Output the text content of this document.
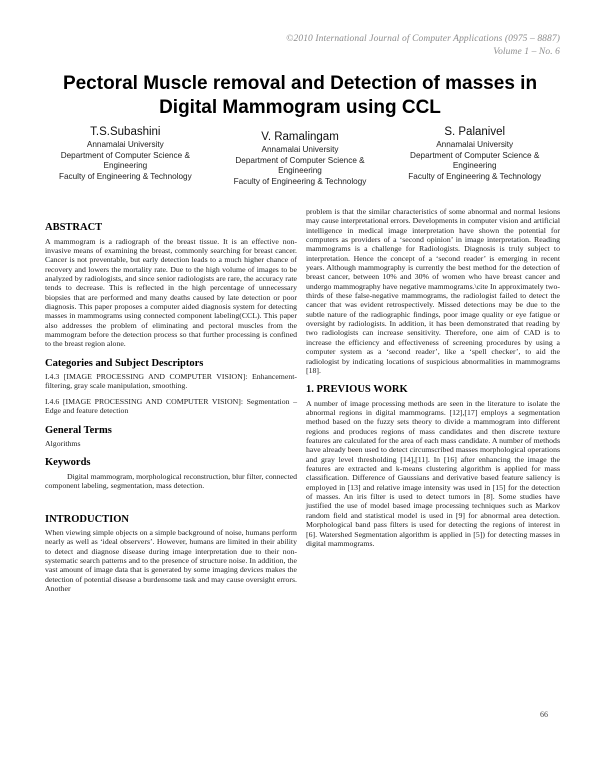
©2010 International Journal of Computer Applications (0975 – 8887)
Volume 1 – No. 6
Pectoral Muscle removal and Detection of masses in Digital Mammogram using CCL
T.S.Subashini
Annamalai University
Department of Computer Science & Engineering
Faculty of Engineering & Technology
V. Ramalingam
Annamalai University
Department of Computer Science & Engineering
Faculty of Engineering & Technology
S. Palanivel
Annamalai University
Department of Computer Science & Engineering
Faculty of Engineering & Technology
ABSTRACT

A mammogram is a radiograph of the breast tissue. It is an effective non-invasive means of examining the breast, commonly searching for breast cancer. Cancer is not preventable, but early detection leads to a much higher chance of recovery and lowers the mortality rate. Due to the high volume of images to be analyzed by radiologists, and since senior radiologists are rare, the accuracy rate tends to decrease. This is reflected in the high percentage of unnecessary biopsies that are performed and many deaths caused by late detection or poor diagnosis. This paper proposes a computer aided diagnosis system for detecting masses in mammograms using connected component labeling(CCL). This paper also addresses the problem of eliminating and pectoral muscles from the mammogram before the detection process so that further processing is confined to the breast region alone.

Categories and Subject Descriptors

I.4.3 [IMAGE PROCESSING AND COMPUTER VISION]: Enhancement- filtering, gray scale manipulation, smoothing.

I.4.6 [IMAGE PROCESSING AND COMPUTER VISION]: Segmentation – Edge and feature detection

General Terms

Algorithms

Keywords

Digital mammogram, morphological reconstruction, blur filter, connected component labeling, segmentation, mass detection.

INTRODUCTION

When viewing simple objects on a simple background of noise, humans perform nearly as well as ‘ideal observers’. However, humans are limited in their ability to detect and diagnose disease during image interpretation due to their non-systematic search patterns and to the presence of structure noise. In addition, the vast amount of image data that is generated by some imaging devices makes the detection of potential disease a burdensome task and may cause oversight errors. Another

problem is that the similar characteristics of some abnormal and normal lesions may cause interpretational errors. Developments in computer vision and artificial intelligence in medical image interpretation have shown the potential for computers as providers of a ‘second opinion’ in image interpretation. Reading mammograms is a challenge for Radiologists. Diagnosis is truly subject to interpretation. Hence the concept of a ‘second reader’ is emerging in recent years. Although mammography is currently the best method for the detection of breast cancer, between 10% and 30% of women who have breast cancer and undergo mammography have negative mammograms.\cite In approximately two-thirds of these false-negative mammograms, the radiologist failed to detect the cancer that was evident retrospectively. Missed detections may be due to the subtle nature of the radiographic findings, poor image quality or eye fatigue or oversight by radiologists. In addition, it has been demonstrated that reading by two radiologists can increase sensitivity. Therefore, one aim of CAD is to increase the efficiency and effectiveness of screening procedures by using a computer system as a ‘second reader’, like a ‘spell checker’, to aid the radiologist by indicating locations of suspicious abnormalities in mammograms [18].

1. PREVIOUS WORK

A number of image processing methods are seen in the literature to isolate the abnormal regions in digital mammograms. [12],[17] employs a segmentation method based on the fuzzy sets theory to divide a mammogram into different regions and produces regions of mass candidates and then discrete texture features are calculated for the area of each mass candidate. A number of methods have already been used to detect circumscribed masses morphological operations and gray level thresholding [14],[11]. In [16] after enhancing the image the features are extracted and k-means clustering algorithm is applied for mass classification. Difference of Gaussians and derivative based feature saliency is employed in [13] and relative image intensity was used in [15] for the detection of masses. An iris filter is used to detect tumors in [8]. Some studies have justified the use of model based image processing techniques such as Markov random field and statistical model is used in [9] for abnormal area detection. Morphological band pass filters is used for detecting the regions of interest in [6]. Watershed Segmentation algorithm is applied in [5]) for detecting masses in digital mammograms.

66
